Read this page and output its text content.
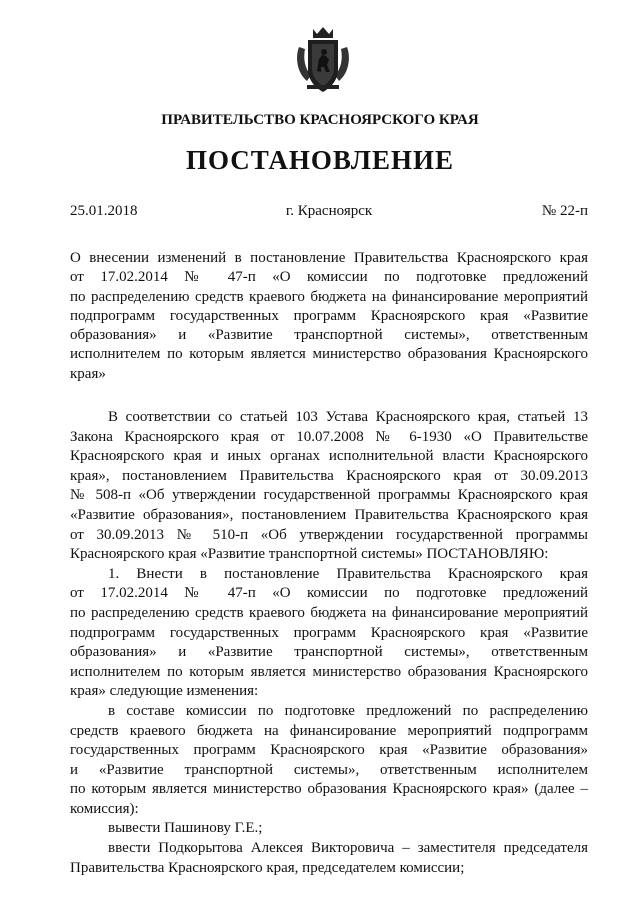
ПРАВИТЕЛЬСТВО КРАСНОЯРСКОГО КРАЯ
ПОСТАНОВЛЕНИЕ
25.01.2018	г. Красноярск	№ 22-п
О внесении изменений в постановление Правительства Красноярского края
от 17.02.2014 № 47-п «О комиссии по подготовке предложений
по распределению средств краевого бюджета на финансирование мероприятий
подпрограмм государственных программ Красноярского края «Развитие
образования» и «Развитие транспортной системы», ответственным
исполнителем по которым является министерство образования Красноярского
края»
В соответствии со статьей 103 Устава Красноярского края, статьей 13
Закона Красноярского края от 10.07.2008 № 6-1930 «О Правительстве
Красноярского края и иных органах исполнительной власти Красноярского
края», постановлением Правительства Красноярского края от 30.09.2013
№ 508-п «Об утверждении государственной программы Красноярского края
«Развитие образования», постановлением Правительства Красноярского края
от 30.09.2013 № 510-п «Об утверждении государственной программы
Красноярского края «Развитие транспортной системы» ПОСТАНОВЛЯЮ:
1. Внести в постановление Правительства Красноярского края
от 17.02.2014 № 47-п «О комиссии по подготовке предложений
по распределению средств краевого бюджета на финансирование мероприятий
подпрограмм государственных программ Красноярского края «Развитие
образования» и «Развитие транспортной системы», ответственным
исполнителем по которым является министерство образования Красноярского
края» следующие изменения:
в составе комиссии по подготовке предложений по распределению
средств краевого бюджета на финансирование мероприятий подпрограмм
государственных программ Красноярского края «Развитие образования»
и «Развитие транспортной системы», ответственным исполнителем
по которым является министерство образования Красноярского края» (далее –
комиссия):
вывести Пашинову Г.Е.;
ввести Подкорытова Алексея Викторовича – заместителя председателя
Правительства Красноярского края, председателем комиссии;
